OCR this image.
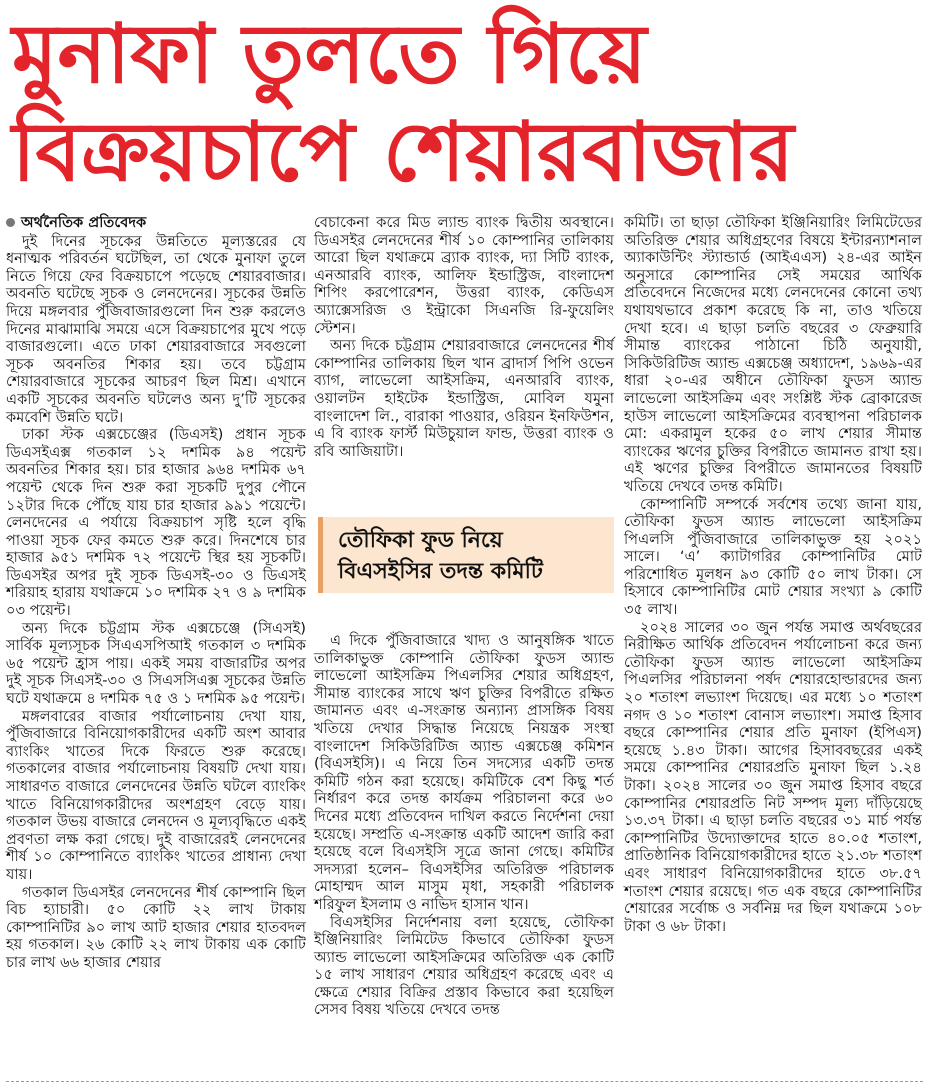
মুনাফা তুলতে গিয়ে
বিক্রয়চাপে শেয়ারবাজার
অর্থনৈতিক প্রতিবেদক

দুই দিনের সূচকের উন্নতিতে মূল্যস্তরের যে ধনাত্মক পরিবর্তন ঘটেছিল, তা থেকে মুনাফা তুলে নিতে গিয়ে ফের বিক্রয়চাপে পড়েছে শেয়ারবাজার। অবনতি ঘটেছে সূচক ও লেনদেনের। সূচকের উন্নতি দিয়ে মঙ্গলবার পুঁজিবাজারগুলো দিন শুরু করলেও দিনের মাঝামাঝি সময়ে এসে বিক্রয়চাপের মুখে পড়ে বাজারগুলো। এতে ঢাকা শেয়ারবাজারে সবগুলো সূচক অবনতির শিকার হয়। তবে চট্টগ্রাম শেয়ারবাজারে সূচকের আচরণ ছিল মিশ্র। এখানে একটি সূচকের অবনতি ঘটলেও অন্য দু’টি সূচকের কমবেশি উন্নতি ঘটে।

ঢাকা স্টক এক্সচেঞ্জের (ডিএসই) প্রধান সূচক ডিএসইএক্স গতকাল ১২ দশমিক ৯৪ পয়েন্ট অবনতির শিকার হয়। চার হাজার ৯৬৪ দশমিক ৬৭ পয়েন্ট থেকে দিন শুরু করা সূচকটি দুপুর পৌনে ১২টার দিকে পৌঁছে যায় চার হাজার ৯৯১ পয়েন্টে। লেনদেনের এ পর্যায়ে বিক্রয়চাপ সৃষ্টি হলে বৃদ্ধি পাওয়া সূচক ফের কমতে শুরু করে। দিনশেষে চার হাজার ৯৫১ দশমিক ৭২ পয়েন্টে স্থির হয় সূচকটি। ডিএসইর অপর দুই সূচক ডিএসই-৩০ ও ডিএসই শরিয়াহ হারায় যথাক্রমে ১০ দশমিক ২৭ ও ৯ দশমিক ০৩ পয়েন্ট।

অন্য দিকে চট্টগ্রাম স্টক এক্সচেঞ্জে (সিএসই) সার্বিক মূল্যসূচক সিএএসপিআই গতকাল ৩ দশমিক ৬৫ পয়েন্ট হ্রাস পায়। একই সময় বাজারটির অপর দুই সূচক সিএসই-৩০ ও সিএসসিএক্স সূচকের উন্নতি ঘটে যথাক্রমে ৪ দশমিক ৭৫ ও ১ দশমিক ৯৫ পয়েন্ট।

মঙ্গলবারের বাজার পর্যালোচনায় দেখা যায়, পুঁজিবাজারে বিনিয়োগকারীদের একটি অংশ আবার ব্যাংকিং খাতের দিকে ফিরতে শুরু করেছে। গতকালের বাজার পর্যালোচনায় বিষয়টি দেখা যায়। সাধারণত বাজারে লেনদেনের উন্নতি ঘটলে ব্যাংকিং খাতে বিনিয়োগকারীদের অংশগ্রহণ বেড়ে যায়। গতকাল উভয় বাজারে লেনদেন ও মূল্যবৃদ্ধিতে একই প্রবণতা লক্ষ করা গেছে। দুই বাজারেরই লেনদেনের শীর্ষ ১০ কোম্পানিতে ব্যাংকিং খাতের প্রাধান্য দেখা যায়।

গতকাল ডিএসইর লেনদেনের শীর্ষ কোম্পানি ছিল বিচ হ্যাচারী। ৫০ কোটি ২২ লাখ টাকায় কোম্পানিটির ৯০ লাখ আট হাজার শেয়ার হাতবদল হয় গতকাল। ২৬ কোটি ২২ লাখ টাকায় এক কোটি চার লাখ ৬৬ হাজার শেয়ার

বেচাকেনা করে মিড ল্যান্ড ব্যাংক দ্বিতীয় অবস্থানে। ডিএসইর লেনদেনের শীর্ষ ১০ কোম্পানির তালিকায় আরো ছিল যথাক্রমে ব্র্যাক ব্যাংক, দ্যা সিটি ব্যাংক, এনআরবি ব্যাংক, আলিফ ইন্ডাস্ট্রিজ, বাংলাদেশ শিপিং করপোরেশন, উত্তরা ব্যাংক, কেডিএস অ্যাক্সেসরিজ ও ইন্ট্রাকো সিএনজি রি-ফুয়েলিং স্টেশন।

অন্য দিকে চট্টগ্রাম শেয়ারবাজারে লেনদেনের শীর্ষ কোম্পানির তালিকায় ছিল খান ব্রাদার্স পিপি ওভেন ব্যাগ, লাভেলো আইসক্রিম, এনআরবি ব্যাংক, ওয়ালটন হাইটেক ইন্ডাস্ট্রিজ, মোবিল যমুনা বাংলাদেশ লি., বারাকা পাওয়ার, ওরিয়ন ইনফিউশন, এ বি ব্যাংক ফার্স্ট মিউচুয়াল ফান্ড, উত্তরা ব্যাংক ও রবি আজিয়াটা।

তৌফিকা ফুড নিয়ে
বিএসইসির তদন্ত কমিটি

এ দিকে পুঁজিবাজারে খাদ্য ও আনুষঙ্গিক খাতে তালিকাভুক্ত কোম্পানি তৌফিকা ফুডস অ্যান্ড লাভেলো আইসক্রিম পিএলসির শেয়ার অধিগ্রহণ, সীমান্ত ব্যাংকের সাথে ঋণ চুক্তির বিপরীতে রক্ষিত জামানত এবং এ-সংক্রান্ত অন্যান্য প্রাসঙ্গিক বিষয় খতিয়ে দেখার সিদ্ধান্ত নিয়েছে নিয়ন্ত্রক সংস্থা বাংলাদেশ সিকিউরিটিজ অ্যান্ড এক্সচেঞ্জ কমিশন (বিএসইসি)। এ নিয়ে তিন সদস্যের একটি তদন্ত কমিটি গঠন করা হয়েছে। কমিটিকে বেশ কিছু শর্ত নির্ধারণ করে তদন্ত কার্যক্রম পরিচালনা করে ৬০ দিনের মধ্যে প্রতিবেদন দাখিল করতে নির্দেশনা দেয়া হয়েছে। সম্প্রতি এ-সংক্রান্ত একটি আদেশ জারি করা হয়েছে বলে বিএসইসি সূত্রে জানা গেছে। কমিটির সদস্যরা হলেন– বিএসইসির অতিরিক্ত পরিচালক মোহাম্মদ আল মাসুম মৃধা, সহকারী পরিচালক শরিফুল ইসলাম ও নাভিদ হাসান খান।

বিএসইসির নির্দেশনায় বলা হয়েছে, তৌফিকা ইঞ্জিনিয়ারিং লিমিটেড কিভাবে তৌফিকা ফুডস অ্যান্ড লাভেলো আইসক্রিমের অতিরিক্ত এক কোটি ১৫ লাখ সাধারণ শেয়ার অধিগ্রহণ করেছে এবং এ ক্ষেত্রে শেয়ার বিক্রির প্রস্তাব কিভাবে করা হয়েছিল সেসব বিষয় খতিয়ে দেখবে তদন্ত

কমিটি। তা ছাড়া তৌফিকা ইঞ্জিনিয়ারিং লিমিটেডের অতিরিক্ত শেয়ার অধিগ্রহণের বিষয়ে ইন্টারন্যাশনাল অ্যাকাউন্টিং স্ট্যান্ডার্ড (আইএএস) ২৪-এর আইন অনুসারে কোম্পানির সেই সময়ের আর্থিক প্রতিবেদনে নিজেদের মধ্যে লেনদেনের কোনো তথ্য যথাযথভাবে প্রকাশ করেছে কি না, তাও খতিয়ে দেখা হবে। এ ছাড়া চলতি বছরের ৩ ফেব্রুয়ারি সীমান্ত ব্যাংকের পাঠানো চিঠি অনুযায়ী, সিকিউরিটিজ অ্যান্ড এক্সচেঞ্জ অধ্যাদেশ, ১৯৬৯-এর ধারা ২০-এর অধীনে তৌফিকা ফুডস অ্যান্ড লাভেলো আইসক্রিম এবং সংশ্লিষ্ট স্টক ব্রোকারেজ হাউস লাভেলো আইসক্রিমের ব্যবস্থাপনা পরিচালক মো: একরামুল হকের ৫০ লাখ শেয়ার সীমান্ত ব্যাংকের ঋণের চুক্তির বিপরীতে জামানত রাখা হয়। এই ঋণের চুক্তির বিপরীতে জামানতের বিষয়টি খতিয়ে দেখবে তদন্ত কমিটি।

কোম্পানিটি সম্পর্কে সর্বশেষ তথ্যে জানা যায়, তৌফিকা ফুডস অ্যান্ড লাভেলো আইসক্রিম পিএলসি পুঁজিবাজারে তালিকাভুক্ত হয় ২০২১ সালে। ‘এ’ ক্যাটাগরির কোম্পানিটির মোট পরিশোধিত মূলধন ৯৩ কোটি ৫০ লাখ টাকা। সে হিসাবে কোম্পানিটির মোট শেয়ার সংখ্যা ৯ কোটি ৩৫ লাখ।

২০২৪ সালের ৩০ জুন পর্যন্ত সমাপ্ত অর্থবছরের নিরীক্ষিত আর্থিক প্রতিবেদন পর্যালোচনা করে জন্য তৌফিকা ফুডস অ্যান্ড লাভেলো আইসক্রিম পিএলসির পরিচালনা পর্ষদ শেয়ারহোল্ডারদের জন্য ২০ শতাংশ লভ্যাংশ দিয়েছে। এর মধ্যে ১০ শতাংশ নগদ ও ১০ শতাংশ বোনাস লভ্যাংশ। সমাপ্ত হিসাব বছরে কোম্পানির শেয়ার প্রতি মুনাফা (ইপিএস) হয়েছে ১.৪৩ টাকা। আগের হিসাববছরের একই সময়ে কোম্পানির শেয়ারপ্রতি মুনাফা ছিল ১.২৪ টাকা। ২০২৪ সালের ৩০ জুন সমাপ্ত হিসাব বছরে কোম্পানির শেয়ারপ্রতি নিট সম্পদ মূল্য দাঁড়িয়েছে ১৩.৩৭ টাকা। এ ছাড়া চলতি বছরের ৩১ মার্চ পর্যন্ত কোম্পানিটির উদ্যোক্তাদের হাতে ৪০.০৫ শতাংশ, প্রাতিষ্ঠানিক বিনিয়োগকারীদের হাতে ২১.৩৮ শতাংশ এবং সাধারণ বিনিয়োগকারীদের হাতে ৩৮.৫৭ শতাংশ শেয়ার রয়েছে। গত এক বছরে কোম্পানিটির শেয়ারের সর্বোচ্চ ও সর্বনিম্ন দর ছিল যথাক্রমে ১০৮ টাকা ও ৬৮ টাকা।
